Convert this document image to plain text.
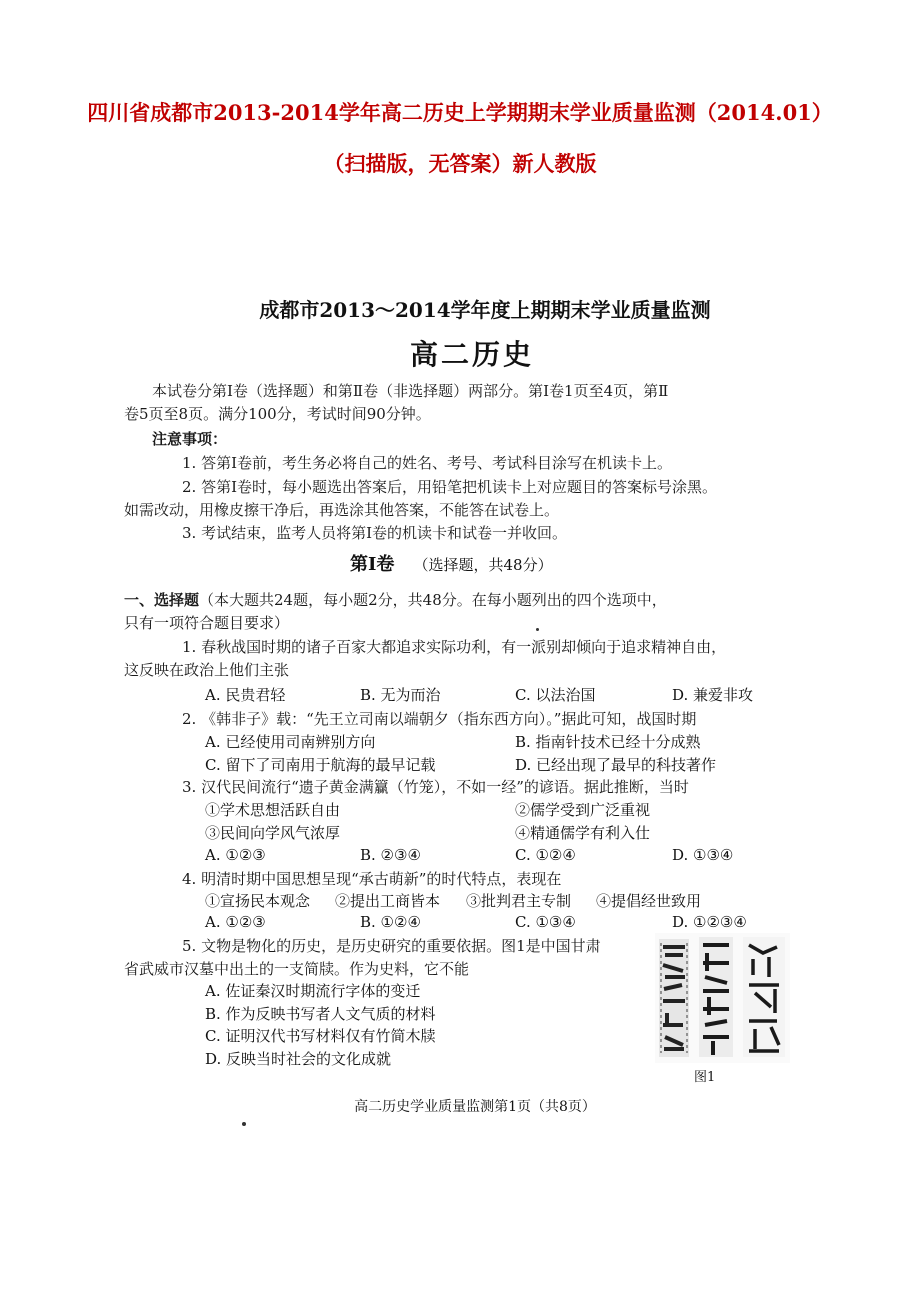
四川省成都市2013-2014学年高二历史上学期期末学业质量监测（2014.01）
（扫描版，无答案）新人教版
成都市2013～2014学年度上期期末学业质量监测
高二历史
本试卷分第Ⅰ卷（选择题）和第Ⅱ卷（非选择题）两部分。第Ⅰ卷1页至4页，第Ⅱ
卷5页至8页。满分100分，考试时间90分钟。
注意事项：
1. 答第Ⅰ卷前，考生务必将自己的姓名、考号、考试科目涂写在机读卡上。
2. 答第Ⅰ卷时，每小题选出答案后，用铅笔把机读卡上对应题目的答案标号涂黑。
如需改动，用橡皮擦干净后，再选涂其他答案，不能答在试卷上。
3. 考试结束，监考人员将第Ⅰ卷的机读卡和试卷一并收回。
第Ⅰ卷 （选择题，共48分）
一、选择题（本大题共24题，每小题2分，共48分。在每小题列出的四个选项中，
只有一项符合题目要求）
1. 春秋战国时期的诸子百家大都追求实际功利，有一派别却倾向于追求精神自由，
这反映在政治上他们主张
A. 民贵君轻	B. 无为而治	C. 以法治国	D. 兼爱非攻
2. 《韩非子》载：“先王立司南以端朝夕（指东西方向）。”据此可知，战国时期
A. 已经使用司南辨别方向	B. 指南针技术已经十分成熟
C. 留下了司南用于航海的最早记载	D. 已经出现了最早的科技著作
3. 汉代民间流行“遗子黄金满籯（竹笼），不如一经”的谚语。据此推断，当时
①学术思想活跃自由	②儒学受到广泛重视
③民间向学风气浓厚	④精通儒学有利入仕
A. ①②③	B. ②③④	C. ①②④	D. ①③④
4. 明清时期中国思想呈现“承古萌新”的时代特点，表现在
①宣扬民本观念 ②提出工商皆本 ③批判君主专制 ④提倡经世致用
A. ①②③	B. ①②④	C. ①③④	D. ①②③④
5. 文物是物化的历史，是历史研究的重要依据。图1是中国甘肃
省武威市汉墓中出土的一支简牍。作为史料，它不能
A. 佐证秦汉时期流行字体的变迁
B. 作为反映书写者人文气质的材料
C. 证明汉代书写材料仅有竹简木牍
D. 反映当时社会的文化成就
图1
高二历史学业质量监测第1页（共8页）
